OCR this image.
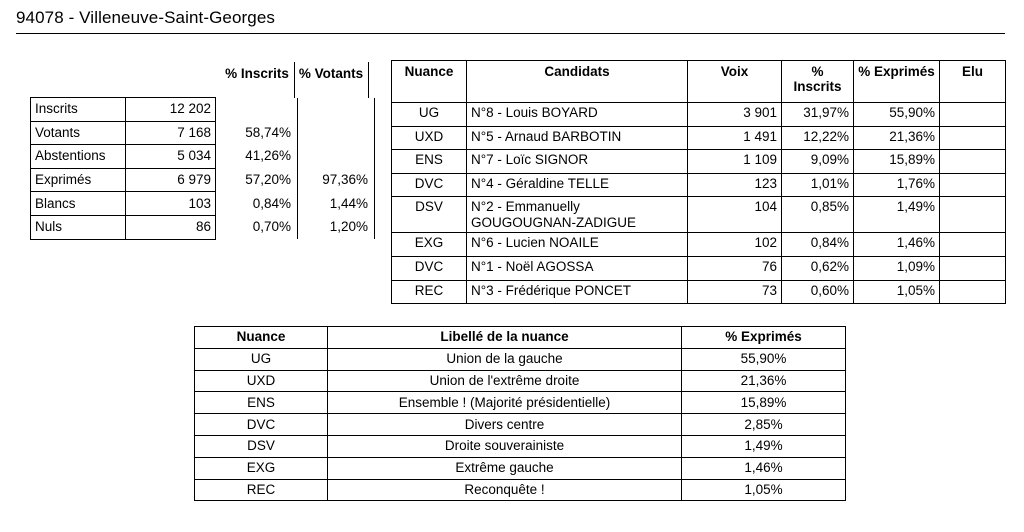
94078 - Villeneuve-Saint-Georges
% Inscrits % Votants
Inscrits	12 202		
Votants	7 168	58,74%	
Abstentions	5 034	41,26%	
Exprimés	6 979	57,20%	97,36%
Blancs	103	0,84%	1,44%
Nuls	86	0,70%	1,20%
Nuance	Candidats	Voix	% Inscrits	% Exprimés	Elu
UG	N°8 - Louis BOYARD	3 901	31,97%	55,90%	
UXD	N°5 - Arnaud BARBOTIN	1 491	12,22%	21,36%	
ENS	N°7 - Loïc SIGNOR	1 109	9,09%	15,89%	
DVC	N°4 - Géraldine TELLE	123	1,01%	1,76%	
DSV	N°2 - Emmanuelly GOUGOUGNAN-ZADIGUE	104	0,85%	1,49%	
EXG	N°6 - Lucien NOAILE	102	0,84%	1,46%	
DVC	N°1 - Noël AGOSSA	76	0,62%	1,09%	
REC	N°3 - Frédérique PONCET	73	0,60%	1,05%	
Nuance	Libellé de la nuance	% Exprimés
UG	Union de la gauche	55,90%
UXD	Union de l'extrême droite	21,36%
ENS	Ensemble ! (Majorité présidentielle)	15,89%
DVC	Divers centre	2,85%
DSV	Droite souverainiste	1,49%
EXG	Extrême gauche	1,46%
REC	Reconquête !	1,05%
